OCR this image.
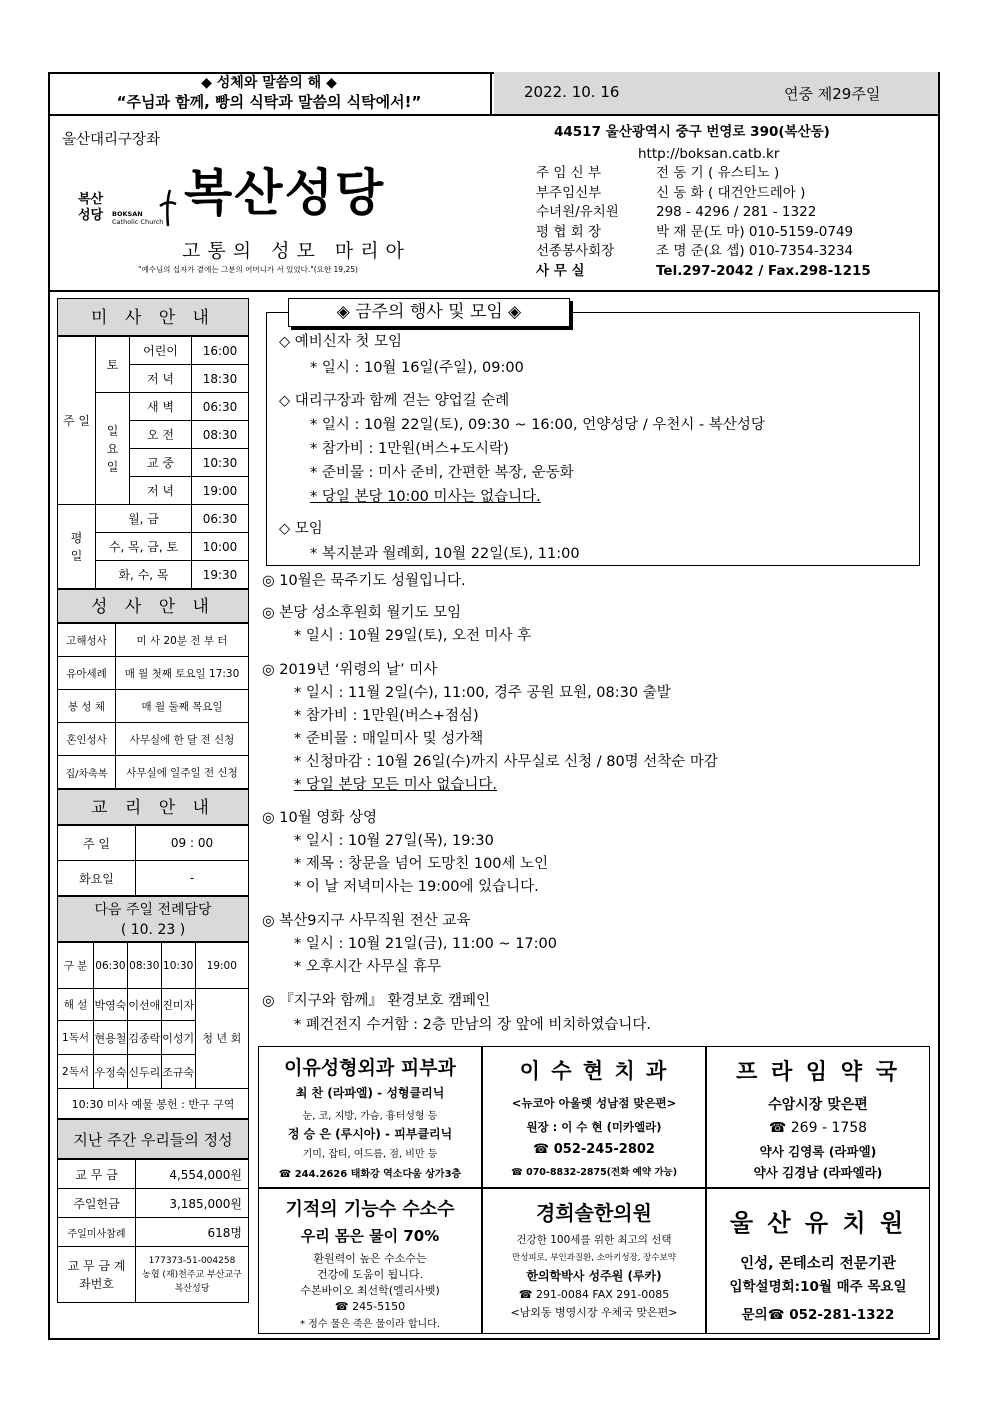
◆ 성체와 말씀의 해 ◆
“주님과 함께, 빵의 식탁과 말씀의 식탁에서!”
2022. 10. 16	연중 제29주일
울산대리구장좌
복산
성당 BOKSAN
Catholic Church 복산성당
고통의 성모 마리아
"예수님의 십자가 곁에는 그분의 어머니가 서 있었다."(요한 19,25)
44517 울산광역시 중구 번영로 390(복산동)
http://boksan.catb.kr
주 임 신 부	전 동 기 ( 유스티노 )
부주임신부	신 동 화 ( 대건안드레아 )
수녀원/유치원	298 - 4296 / 281 - 1322
평 협 회 장	박 재 문(도 마) 010-5159-0749
선종봉사회장	조 명 준(요 셉) 010-7354-3234
사 무 실	Tel.297-2042 / Fax.298-1215
미 사 안 내
주 일	토	어린이	16:00
		저 녁	18:30
	일 요 일	새 벽	06:30
		오 전	08:30
		교 중	10:30
		저 녁	19:00
평 일	월, 금		06:30
	수, 목, 금, 토		10:00
	화, 수, 목		19:30
성 사 안 내
고해성사	미 사 20분 전 부 터
유아세례	매 월 첫째 토요일 17:30
봉 성 체	매 월 둘째 목요일
혼인성사	사무실에 한 달 전 신청
집/차축복	사무실에 일주일 전 신청
교 리 안 내
주 일	09 : 00
화요일	-
다음 주일 전례담당
( 10. 23 )
구 분	06:30	08:30	10:30	19:00
해 설	박영숙	이선애	진미자	청 년 회
1독서	현용철	김종락	이성기	
2독서	우정숙	신두리	조규숙	
10:30 미사 예물 봉헌 : 반구 구역				
지난 주간 우리들의 정성
교 무 금	4,554,000원
주일헌금	3,185,000원
주일미사참례	618명
교 무 금 계좌번호	177373-51-004258
농협 (재)천주교 부산교구
복산성당
◈ 금주의 행사 및 모임 ◈
◇ 예비신자 첫 모임
* 일시 : 10월 16일(주일), 09:00
◇ 대리구장과 함께 걷는 양업길 순례
* 일시 : 10월 22일(토), 09:30 ~ 16:00, 언양성당 / 우천시 - 복산성당
* 참가비 : 1만원(버스+도시락)
* 준비물 : 미사 준비, 간편한 복장, 운동화
* 당일 본당 10:00 미사는 없습니다.
◇ 모임
* 복지분과 월례회, 10월 22일(토), 11:00
◎ 10월은 묵주기도 성월입니다.
◎ 본당 성소후원회 월기도 모임
* 일시 : 10월 29일(토), 오전 미사 후
◎ 2019년 ‘위령의 날’ 미사
* 일시 : 11월 2일(수), 11:00, 경주 공원 묘원, 08:30 출발
* 참가비 : 1만원(버스+점심)
* 준비물 : 매일미사 및 성가책
* 신청마감 : 10월 26일(수)까지 사무실로 신청 / 80명 선착순 마감
* 당일 본당 모든 미사 없습니다.
◎ 10월 영화 상영
* 일시 : 10월 27일(목), 19:30
* 제목 : 창문을 넘어 도망친 100세 노인
* 이 날 저녁미사는 19:00에 있습니다.
◎ 복산9지구 사무직원 전산 교육
* 일시 : 10월 21일(금), 11:00 ~ 17:00
* 오후시간 사무실 휴무
◎ 『지구와 함께』 환경보호 캠페인
* 폐건전지 수거함 : 2층 만남의 장 앞에 비치하였습니다.
이유성형외과 피부과
최 찬 (라파엘) - 성형클리닉
눈, 코, 지방, 가슴, 흉터성형 등
정 승 은 (루시아) - 피부클리닉
기미, 잡티, 여드름, 점, 비만 등
☎ 244.2626 태화강 역소다움 상가3층
이 수 현 치 과
<뉴코아 아울렛 성남점 맞은편>
원장 : 이 수 현 (미카엘라)
☎ 052-245-2802
☎ 070-8832-2875(전화 예약 가능)
프 라 임 약 국
수암시장 맞은편
☎ 269 - 1758
약사 김영록 (라파엘)
약사 김경남 (라파엘라)
기적의 기능수 수소수
우리 몸은 물이 70%
환원력이 높은 수소수는
건강에 도움이 됩니다.
수본바이오 최선학(엘리사벳)
☎ 245-5150
* 정수 물은 죽은 물이라 합니다.
경희솔한의원
건강한 100세를 위한 최고의 선택
만성피로, 부인과질환, 소아키성장, 장수보약
한의학박사 성주원 (루카)
☎ 291-0084 FAX 291-0085
<남외동 병영시장 우체국 맞은편>
울 산 유 치 원
인성, 몬테소리 전문기관
입학설명회:10월 매주 목요일
문의☎ 052-281-1322
